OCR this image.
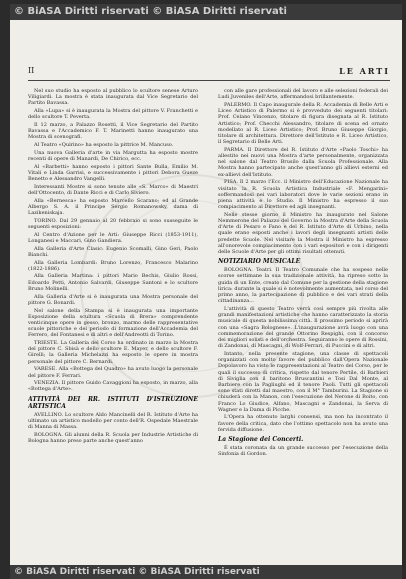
© BiASA Diritti riservati © BiASA Diritti riservati
II	LE ARTI

Nel suo studio ha esposto al pubblico lo scultore senese Arturo Viligiardi. La mostra è stata inaugurata dal Vice Segretario del Partito Bavassa.

Alla «Lupa» si è inaugurata la Mostra del pittore V. Franchetti e dello scultore T. Peverta.

Il 12 marzo, a Palazzo Rosetti, il Vice Segretario del Partito Bavassa e l'Accademico F. T. Marinetti hanno inaugurato una Mostra di scenografi.

Al Teatro «Quirino» ha esposto la pittrice M. Mancuso.

Una nuova Galleria d'arte in via Margutta ha esposto mostre recenti di opere di Manardi, De Chirico, ecc.

Al «Barbetti» hanno esposto i pittori Sante Bulla, Emilio M. Vitali e Linda Garrisi, e successivamente i pittori Debora Gueze Benetto e Alessandro Vangelli.

Interessanti Mostre si sono tenute alle «S. Marco» di Maestri dell'Ottocento, di Dante Ricci e di Carlo Siviero.

Alla «Bernesca» ha esposto Marcello Scarano; ed al Grande Albergo S. A. il Principe Sergio Romanowsky, dama di Lazikeniskaja.

TORINO. Dal 29 gennaio al 20 febbraio si sono susseguite le seguenti esposizioni:

Al Centro d'Azione per le Arti: Giuseppe Ricci (1853-1911), Longanesi e Maccari, Gino Gandiera.

Alla Galleria d'Arte Clasic: Eugenio Scomalli, Gino Geri, Paolo Bianchi.

Alla Galleria Lombardi: Bruno Lorenzo, Francesco Malarino (1822-1886).

Alla Galleria Martina: i pittori Mario Bechis, Giulio Rossi, Edoardo Petti, Antonio Salvardi, Giuseppe Santoni e lo scultore Bruno Molinelli.

Alla Galleria d'Arte si è inaugurata una Mostra personale del pittore G. Bonardi.

Nel salone della Stampa si è inaugurata una importante Esposizione della scultura «Scuola di Brera» comprendente venticinque opere in gesso, bronzo, marmo delle rappresentative scuole pittoriche e del periodo di formazione dell'Accademia del Ferrero, del Fontanesi e di altri e dell'Andreotti di Torino.

TRIESTE. La Galleria del Corso ha ordinato in marzo la Mostra del pittore C. Sbisà e dello scultore E. Mayer, e dello scultore F. Girelli; la Galleria Michelazzi ha esposto le opere in mostra personale del pittore C. Bernardi.

VARESE. Alla «Bottega del Quadro» ha avuto luogo la personale del pittore F. Ferrari.

VENEZIA. Il pittore Guido Cavaggioni ha esposto, in marzo, alla «Bottega d'Arte».

ATTIVITÀ DEI RR. ISTITUTI D'ISTRUZIONE ARTISTICA

AVELLINO. Lo scultore Aldo Mancinelli del R. Istituto d'Arte ha ultimato un artistico modello per conto dell'R. Ospedale Maestrale di Manna di Massa.

BOLOGNA. Gli alunni della R. Scuola per Industrie Artistiche di Bologna hanno preso parte anche quest'anno

con alle gare professionali del lavoro e alle selezioni federali dei Ludi Juveniles dell'Arte, affermandosi brillantemente.

PALERMO. Il Capo inaugurale della R. Accademia di Belle Arti e Liceo Artistico di Palermo si è provveduto dei seguenti titolari: Prof. Celano Vincenzo, titolare di figura disegnata al R. Istituto Artistico; Prof. Checchi Alessandro, titolare di scena ed ornato modellato al R. Liceo Artistico; Prof. Bruno Giuseppe Giorgio, titolare di architettura. Direttore dell'Istituto e R. Liceo Artistico, il Segretario di Belle Arti.

PARMA. Il Direttore del R. Istituto d'Arte «Paolo Toschi» ha allestito nei nuovi una Mostra d'arte personalmente, organizzata nel salone dal Teatro Brusilo dalla Scuola Professionale. Alla Mostra hanno partecipato anche quest'anno gli allievi esterni ed ex-allievi dell'Istituto.

PISA. Il 2 marzo l'Ecc. il Ministro dell'Educazione Nazionale ha visitato la R. Scuola Artistica Industriale «F. Mengarini» soffermandosi nei vari laboratori dove le varie sezioni erano in piena attività e lo Studio. Il Ministro ha espresso il suo compiacimento al Direttore ed agli insegnanti.

Nelle stesse giorno il Ministro ha inaugurato nel Salone Nemmerone del Palazzo del Governo la Mostra d'Arte della Scuola d'Arte di Pesaro e Fano e del R. Istituto d'Arte di Urbino, nella quale erano esposti anche i lavori degli insegnanti artisti delle predette Scuole. Nel visitare la Mostra il Ministro ha espresso all'onorevole compiacimento con i vari espositori e con i dirigenti delle Scuole d'Arte per gli ottimi risultati ottenuti.

NOTIZIARIO MUSICALE

BOLOGNA. Teatri. Il Teatro Comunale che ha sospeso nelle scorse settimane la sua tradizionale attività, ha ripreso sotto la guida di un Ente, creato dal Comune per la gestione della stagione lirica: durante la quale si è notevolmente aumentata, nel corso del primo anno, la partecipazione di pubblico e dei vari strati della cittadinanza...

L'attività di questo Teatro verrà così sempre più rivolta alle grandi manifestazioni artistiche che hanno caratterizzato la storia musicale di questa nobilissima città. Il prossimo periodo si aprirà con una «Sagra Bolognese». L'inaugurazione avrà luogo con una commemorazione del grande Ottorino Respighi, con il concorso dei migliori solisti e dell'orchestra. Seguiranno le opere di Rossini, di Zandonai, di Mascagni, di Wolf-Ferrari, di Puccini e di altri.

Intanto, nella presente stagione, una classe di spettacoli organizzati con molto favore del pubblico dall'Opera Nazionale Dopolavoro ha visto le rappresentazioni al Teatro del Corso, per le quali il successo di critica, rispetto dal tenore Pertile, di Barbieri di Siviglia con il baritono Bruscantini e Tosi Dal Monte, al Barbiere con la Pagliughi ed il tenore Paoli. Tutti gli spettacoli sono stati diretti dal maestro, con il M° Tamburini. La Stagione si chiuderà con la Manon, con l'esecuzione del Nerone di Boito, con Franco Lo Giudice, Alfano, Mascagni e Zandonai, la Serva di Wagner e la Dama di Picche.

L'Opera ha ottenuto larghi consensi, ma non ha incontrato il favore della critica, dato che l'ottimo spettacolo non ha avuto una fervida diffusione.

La Stagione dei Concerti.

È stata coronata da un grande successo per l'esecuzione della Sinfonia di Gordon.

© BiASA Diritti riservati © BiASA Diritti riservati
